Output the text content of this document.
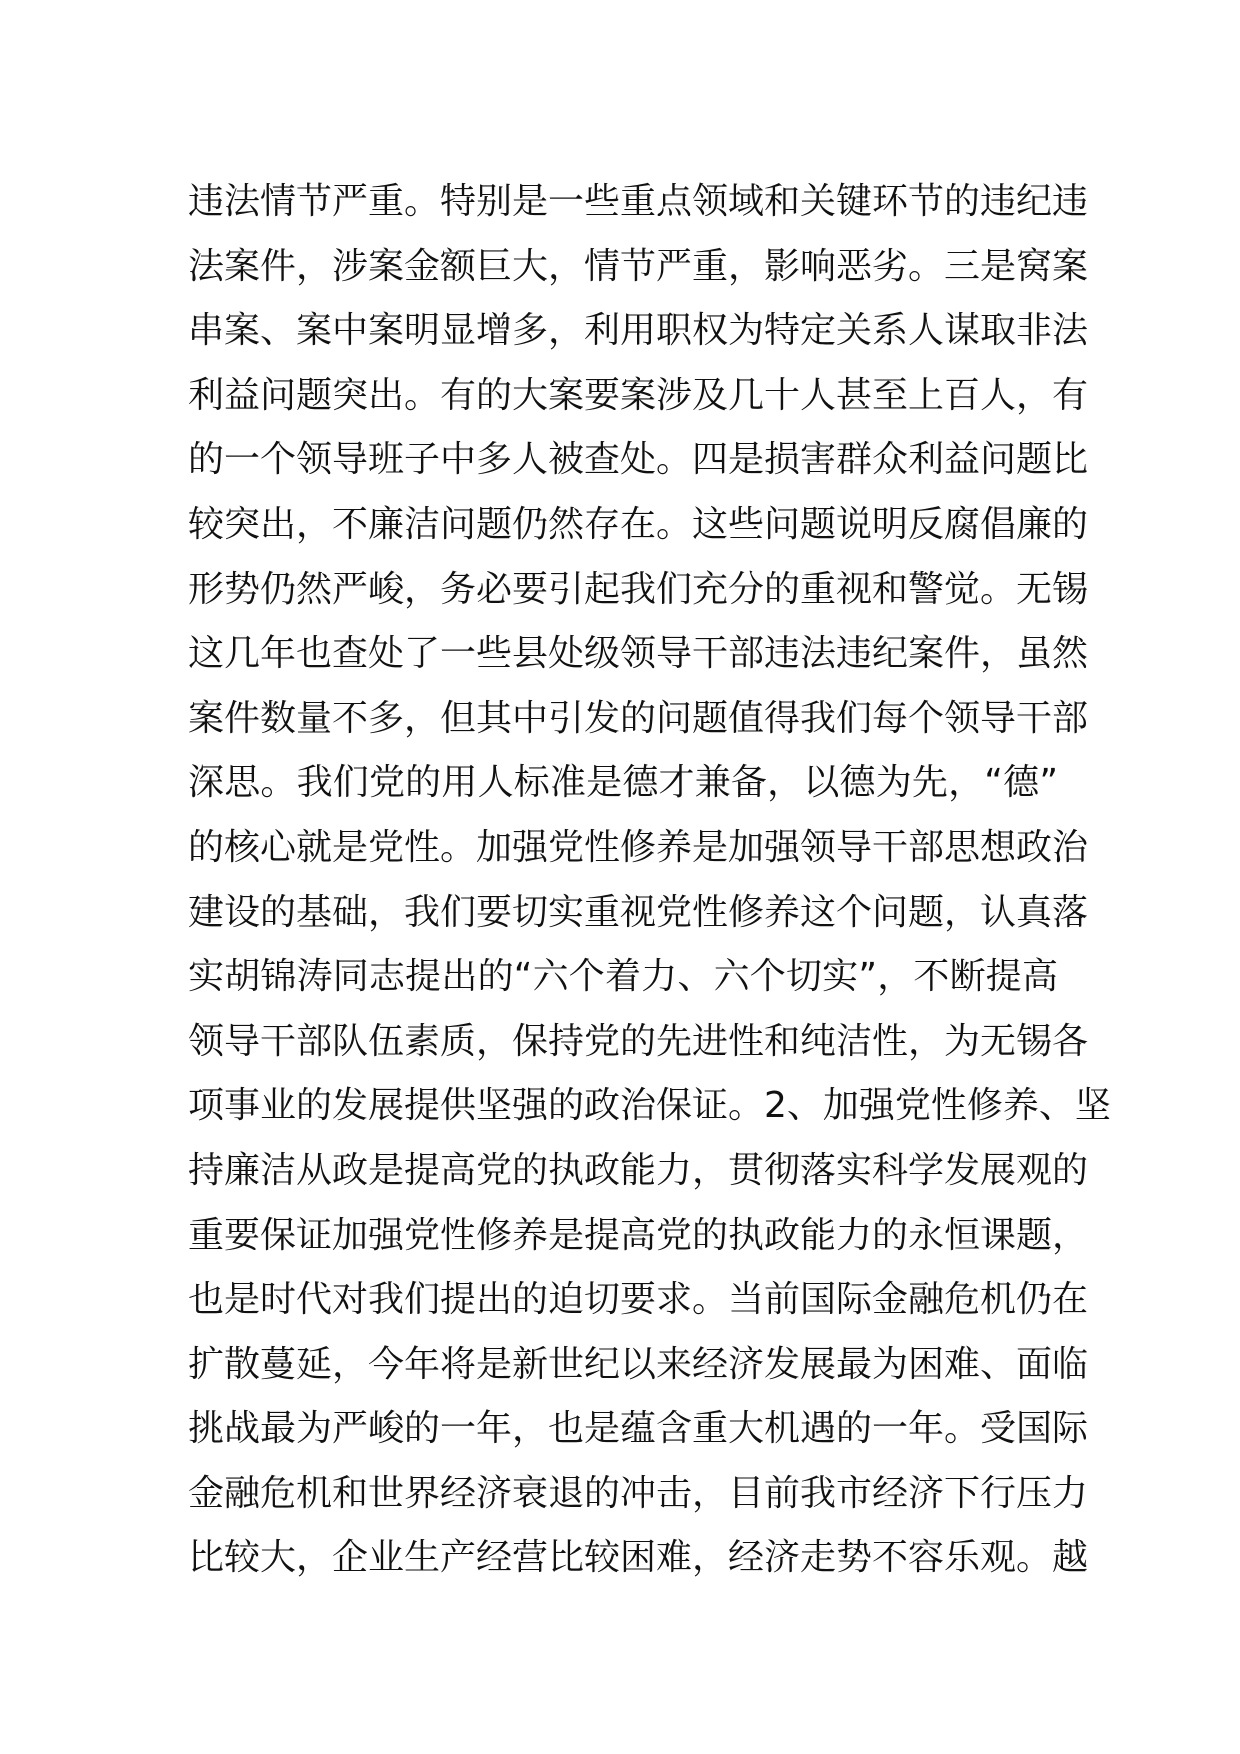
违法情节严重。特别是一些重点领域和关键环节的违纪违
法案件，涉案金额巨大，情节严重，影响恶劣。三是窝案
串案、案中案明显增多，利用职权为特定关系人谋取非法
利益问题突出。有的大案要案涉及几十人甚至上百人，有
的一个领导班子中多人被查处。四是损害群众利益问题比
较突出，不廉洁问题仍然存在。这些问题说明反腐倡廉的
形势仍然严峻，务必要引起我们充分的重视和警觉。无锡
这几年也查处了一些县处级领导干部违法违纪案件，虽然
案件数量不多，但其中引发的问题值得我们每个领导干部
深思。我们党的用人标准是德才兼备，以德为先，“德”
的核心就是党性。加强党性修养是加强领导干部思想政治
建设的基础，我们要切实重视党性修养这个问题，认真落
实胡锦涛同志提出的“六个着力、六个切实”，不断提高
领导干部队伍素质，保持党的先进性和纯洁性，为无锡各
项事业的发展提供坚强的政治保证。2、加强党性修养、坚
持廉洁从政是提高党的执政能力，贯彻落实科学发展观的
重要保证加强党性修养是提高党的执政能力的永恒课题，
也是时代对我们提出的迫切要求。当前国际金融危机仍在
扩散蔓延，今年将是新世纪以来经济发展最为困难、面临
挑战最为严峻的一年，也是蕴含重大机遇的一年。受国际
金融危机和世界经济衰退的冲击，目前我市经济下行压力
比较大，企业生产经营比较困难，经济走势不容乐观。越
